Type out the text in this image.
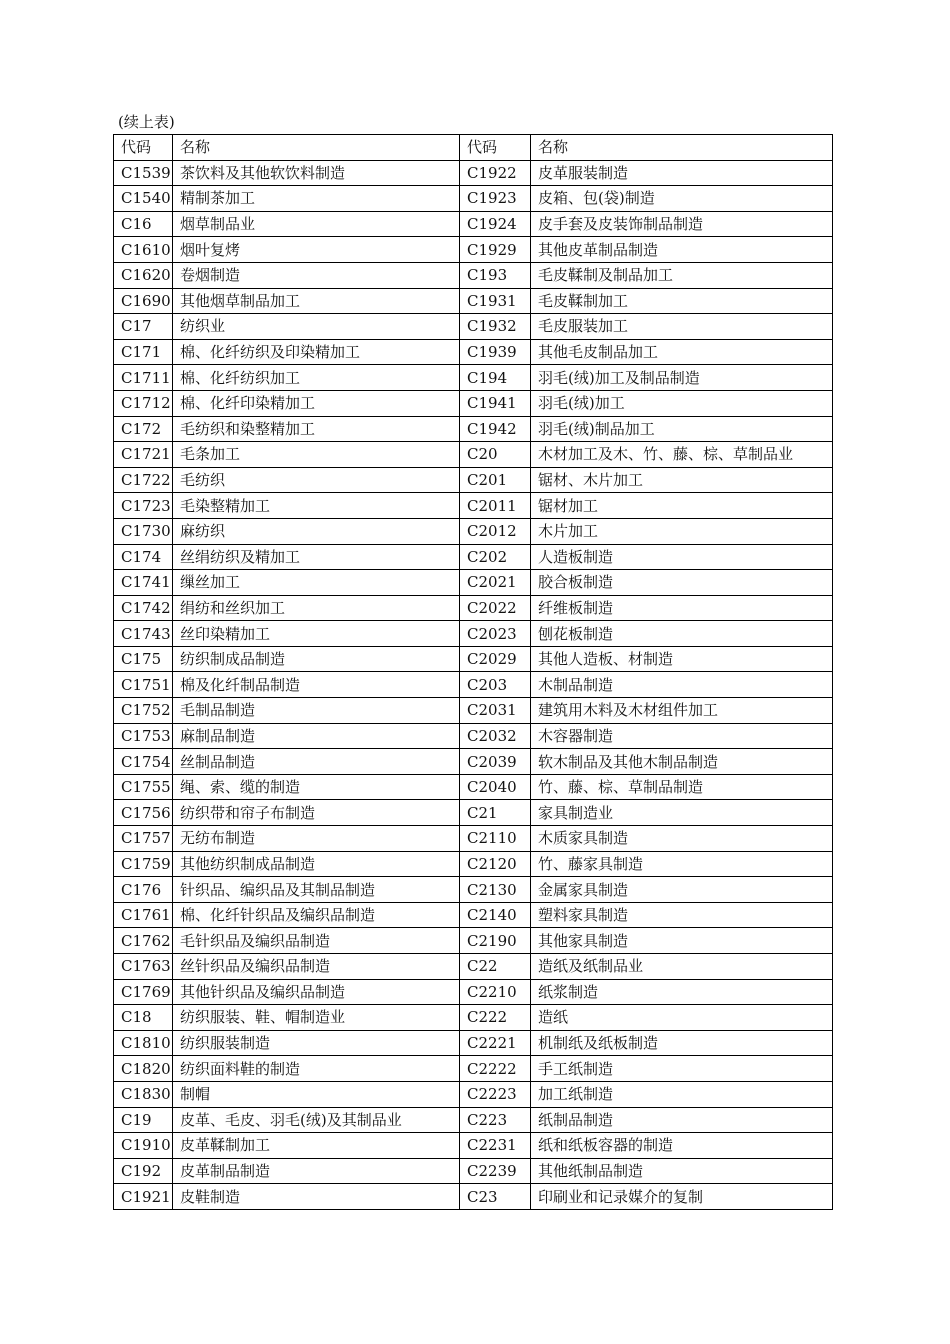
(续上表)
代码	名称	代码	名称
C1539	茶饮料及其他软饮料制造	C1922	皮革服装制造
C1540	精制茶加工	C1923	皮箱、包(袋)制造
C16	烟草制品业	C1924	皮手套及皮装饰制品制造
C1610	烟叶复烤	C1929	其他皮革制品制造
C1620	卷烟制造	C193	毛皮鞣制及制品加工
C1690	其他烟草制品加工	C1931	毛皮鞣制加工
C17	纺织业	C1932	毛皮服装加工
C171	棉、化纤纺织及印染精加工	C1939	其他毛皮制品加工
C1711	棉、化纤纺织加工	C194	羽毛(绒)加工及制品制造
C1712	棉、化纤印染精加工	C1941	羽毛(绒)加工
C172	毛纺织和染整精加工	C1942	羽毛(绒)制品加工
C1721	毛条加工	C20	木材加工及木、竹、藤、棕、草制品业
C1722	毛纺织	C201	锯材、木片加工
C1723	毛染整精加工	C2011	锯材加工
C1730	麻纺织	C2012	木片加工
C174	丝绢纺织及精加工	C202	人造板制造
C1741	缫丝加工	C2021	胶合板制造
C1742	绢纺和丝织加工	C2022	纤维板制造
C1743	丝印染精加工	C2023	刨花板制造
C175	纺织制成品制造	C2029	其他人造板、材制造
C1751	棉及化纤制品制造	C203	木制品制造
C1752	毛制品制造	C2031	建筑用木料及木材组件加工
C1753	麻制品制造	C2032	木容器制造
C1754	丝制品制造	C2039	软木制品及其他木制品制造
C1755	绳、索、缆的制造	C2040	竹、藤、棕、草制品制造
C1756	纺织带和帘子布制造	C21	家具制造业
C1757	无纺布制造	C2110	木质家具制造
C1759	其他纺织制成品制造	C2120	竹、藤家具制造
C176	针织品、编织品及其制品制造	C2130	金属家具制造
C1761	棉、化纤针织品及编织品制造	C2140	塑料家具制造
C1762	毛针织品及编织品制造	C2190	其他家具制造
C1763	丝针织品及编织品制造	C22	造纸及纸制品业
C1769	其他针织品及编织品制造	C2210	纸浆制造
C18	纺织服装、鞋、帽制造业	C222	造纸
C1810	纺织服装制造	C2221	机制纸及纸板制造
C1820	纺织面料鞋的制造	C2222	手工纸制造
C1830	制帽	C2223	加工纸制造
C19	皮革、毛皮、羽毛(绒)及其制品业	C223	纸制品制造
C1910	皮革鞣制加工	C2231	纸和纸板容器的制造
C192	皮革制品制造	C2239	其他纸制品制造
C1921	皮鞋制造	C23	印刷业和记录媒介的复制
